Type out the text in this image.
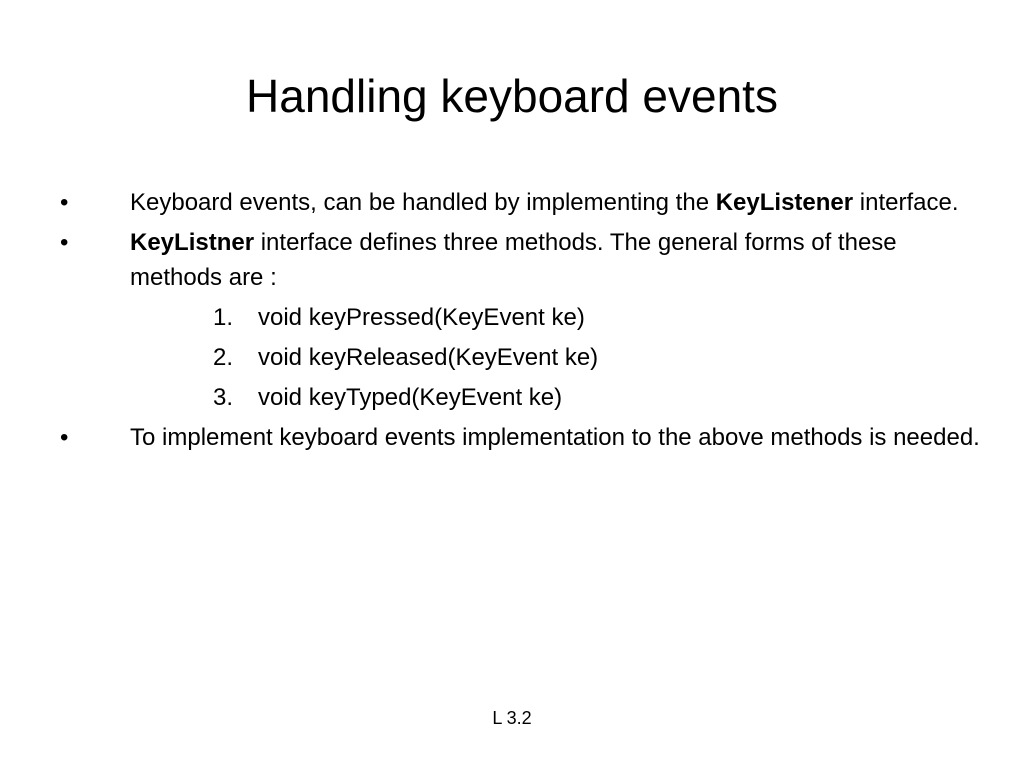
Handling keyboard events
•	Keyboard events, can be handled by implementing the KeyListener interface.
•	KeyListner interface defines three methods. The general forms of these methods are :
1.	void keyPressed(KeyEvent ke)
2.	void keyReleased(KeyEvent ke)
3.	void keyTyped(KeyEvent ke)
•	To implement keyboard events implementation to the above methods is needed.
L 3.2
